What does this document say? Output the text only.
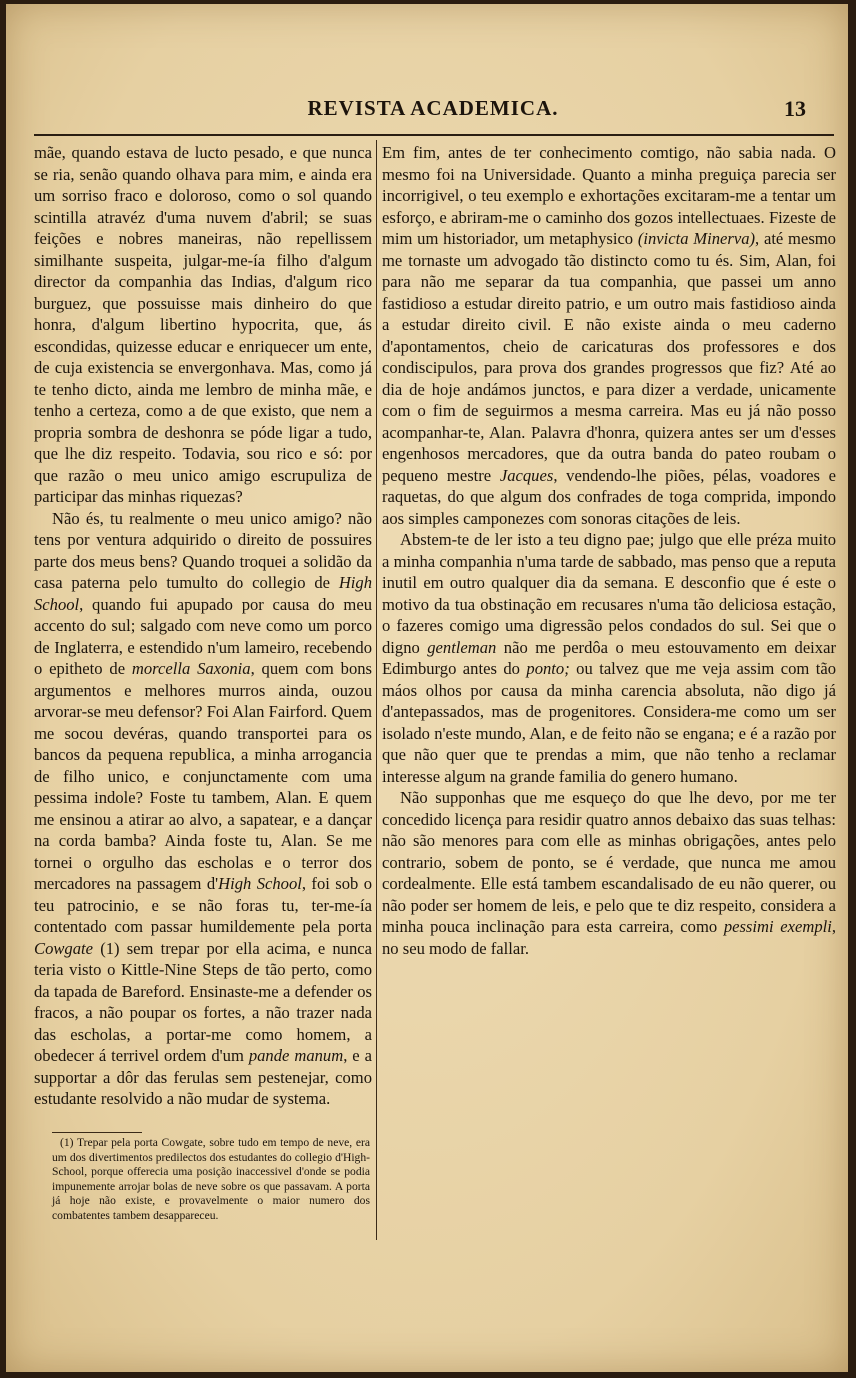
REVISTA ACADEMICA.	13

mãe, quando estava de lucto pesado, e que nunca se ria, senão quando olhava para mim, e ainda era um sorriso fraco e doloroso, como o sol quando scintilla atravéz d'uma nuvem d'abril; se suas feições e nobres maneiras, não repellissem similhante suspeita, julgar-me-ía filho d'algum director da companhia das Indias, d'algum rico burguez, que possuisse mais dinheiro do que honra, d'algum libertino hypocrita, que, ás escondidas, quizesse educar e enriquecer um ente, de cuja existencia se envergonhava. Mas, como já te tenho dicto, ainda me lembro de minha mãe, e tenho a certeza, como a de que existo, que nem a propria sombra de deshonra se póde ligar a tudo, que lhe diz respeito. Todavia, sou rico e só: por que razão o meu unico amigo escrupuliza de participar das minhas riquezas?

Não és, tu realmente o meu unico amigo? não tens por ventura adquirido o direito de possuires parte dos meus bens? Quando troquei a solidão da casa paterna pelo tumulto do collegio de High School, quando fui apupado por causa do meu accento do sul; salgado com neve como um porco de Inglaterra, e estendido n'um lameiro, recebendo o epitheto de morcella Saxonia, quem com bons argumentos e melhores murros ainda, ouzou arvorar-se meu defensor? Foi Alan Fairford. Quem me socou devéras, quando transportei para os bancos da pequena republica, a minha arrogancia de filho unico, e conjunctamente com uma pessima indole? Foste tu tambem, Alan. E quem me ensinou a atirar ao alvo, a sapatear, e a dançar na corda bamba? Ainda foste tu, Alan. Se me tornei o orgulho das escholas e o terror dos mercadores na passagem d'High School, foi sob o teu patrocinio, e se não foras tu, ter-me-ía contentado com passar humildemente pela porta Cowgate (1) sem trepar por ella acima, e nunca teria visto o Kittle-Nine Steps de tão perto, como da tapada de Bareford. Ensinaste-me a defender os fracos, a não poupar os fortes, a não trazer nada das escholas, a portar-me como homem, a obedecer á terrivel ordem d'um pande manum, e a supportar a dôr das ferulas sem pestenejar, como estudante resolvido a não mudar de systema.

Em fim, antes de ter conhecimento comtigo, não sabia nada. O mesmo foi na Universidade. Quanto a minha preguiça parecia ser incorrigivel, o teu exemplo e exhortações excitaram-me a tentar um esforço, e abriram-me o caminho dos gozos intellectuaes. Fizeste de mim um historiador, um metaphysico (invicta Minerva), até mesmo me tornaste um advogado tão distincto como tu és. Sim, Alan, foi para não me separar da tua companhia, que passei um anno fastidioso a estudar direito patrio, e um outro mais fastidioso ainda a estudar direito civil. E não existe ainda o meu caderno d'apontamentos, cheio de caricaturas dos professores e dos condiscipulos, para prova dos grandes progressos que fiz? Até ao dia de hoje andámos junctos, e para dizer a verdade, unicamente com o fim de seguirmos a mesma carreira. Mas eu já não posso acompanhar-te, Alan. Palavra d'honra, quizera antes ser um d'esses engenhosos mercadores, que da outra banda do pateo roubam o pequeno mestre Jacques, vendendo-lhe piões, pélas, voadores e raquetas, do que algum dos confrades de toga comprida, impondo aos simples camponezes com sonoras citações de leis.

Abstem-te de ler isto a teu digno pae; julgo que elle préza muito a minha companhia n'uma tarde de sabbado, mas penso que a reputa inutil em outro qualquer dia da semana. E desconfio que é este o motivo da tua obstinação em recusares n'uma tão deliciosa estação, o fazeres comigo uma digressão pelos condados do sul. Sei que o digno gentleman não me perdôa o meu estouvamento em deixar Edimburgo antes do ponto; ou talvez que me veja assim com tão máos olhos por causa da minha carencia absoluta, não digo já d'antepassados, mas de progenitores. Considera-me como um ser isolado n'este mundo, Alan, e de feito não se engana; e é a razão por que não quer que te prendas a mim, que não tenho a reclamar interesse algum na grande familia do genero humano.

Não supponhas que me esqueço do que lhe devo, por me ter concedido licença para residir quatro annos debaixo das suas telhas: não são menores para com elle as minhas obrigações, antes pelo contrario, sobem de ponto, se é verdade, que nunca me amou cordealmente. Elle está tambem escandalisado de eu não querer, ou não poder ser homem de leis, e pelo que te diz respeito, considera a minha pouca inclinação para esta carreira, como pessimi exempli, no seu modo de fallar.

(1) Trepar pela porta Cowgate, sobre tudo em tempo de neve, era um dos divertimentos predilectos dos estudantes do collegio d'High-School, porque offerecia uma posição inaccessivel d'onde se podia impunemente arrojar bolas de neve sobre os que passavam. A porta já hoje não existe, e provavelmente o maior numero dos combatentes tambem desappareceu.
